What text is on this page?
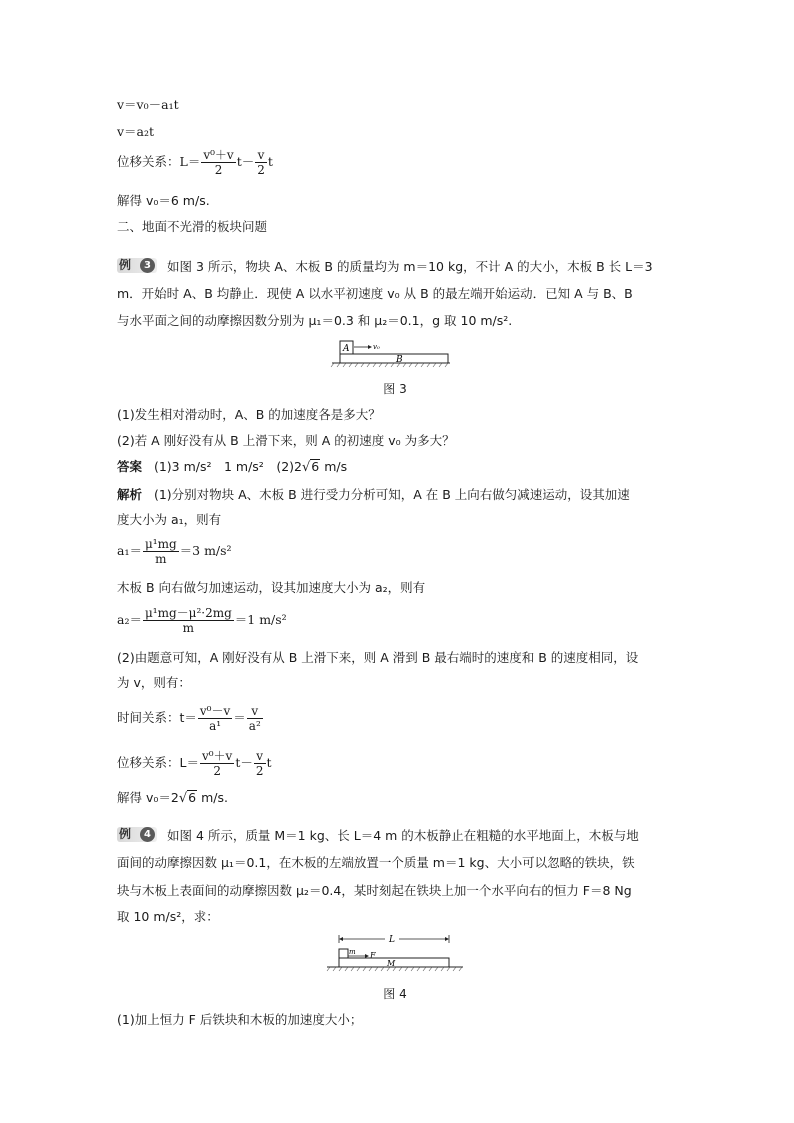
v＝v₀－a₁t
v＝a₂t
位移关系：$L= \frac{\text{v⁰＋v}}{2} t- \frac{v}{2}$ t
解得 v₀＝6 m/s.
二、地面不光滑的板块问题
例	3	如图 3 所示，物块 A、木板 B 的质量均为 m＝10 kg，不计 A 的大小，木板 B 长 L＝3
m．开始时 A、B 均静止．现使 A 以水平初速度 v₀ 从 B 的最左端开始运动．已知 A 与 B、B
与水平面之间的动摩擦因数分别为 μ₁＝0.3 和 μ₂＝0.1，g 取 10 m/s².
A	v₀
B
图 3
(1)发生相对滑动时，A、B 的加速度各是多大？
(2)若 A 刚好没有从 B 上滑下来，则 A 的初速度 v₀ 为多大？
答案 (1)3 m/s²　1 m/s²　(2)2√6 m/s
解析 (1)分别对物块 A、木板 B 进行受力分析可知，A 在 B 上向右做匀减速运动，设其加速
度大小为 a₁，则有
$a_1= \frac{\text{μ¹mg}}{m} =3$ m/s²
木板 B 向右做匀加速运动，设其加速度大小为 a₂，则有
$a_2= \frac{\text{μ¹mg－μ²·2mg}}{m} =1$ m/s²
(2)由题意可知，A 刚好没有从 B 上滑下来，则 A 滑到 B 最右端时的速度和 B 的速度相同，设
为 v，则有：
时间关系：$t= \frac{\text{v⁰－v}}{\text{a¹}} = \frac{v}{\text{a²}}$
位移关系：$L= \frac{\text{v⁰＋v}}{2} t- \frac{v}{2}$ t
解得 v₀＝2√6 m/s.
例	4	如图 4 所示，质量 M＝1 kg、长 L＝4 m 的木板静止在粗糙的水平地面上，木板与地
面间的动摩擦因数 μ₁＝0.1，在木板的左端放置一个质量 m＝1 kg、大小可以忽略的铁块，铁
块与木板上表面间的动摩擦因数 μ₂＝0.4，某时刻起在铁块上加一个水平向右的恒力 F＝8 Ng
取 10 m/s²，求：
L
m F
M
图 4
(1)加上恒力 F 后铁块和木板的加速度大小；
